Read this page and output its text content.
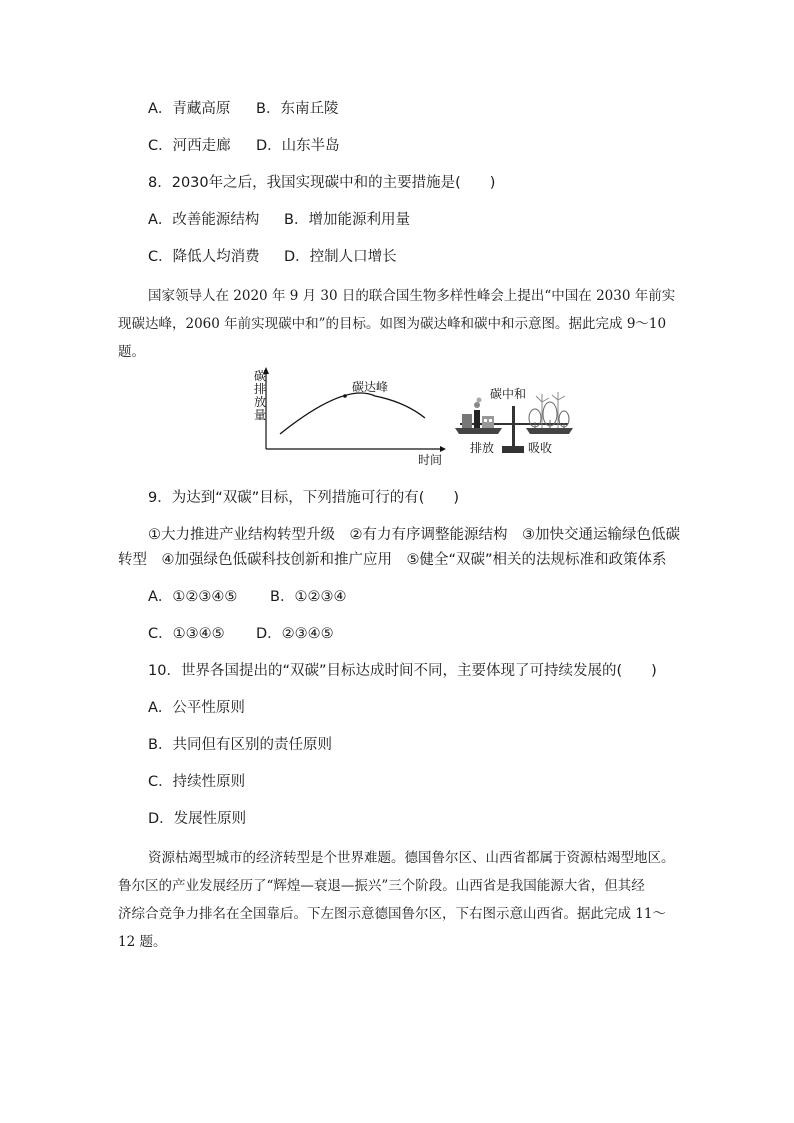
A．青藏高原 B．东南丘陵
C．河西走廊 D．山东半岛
8．2030年之后，我国实现碳中和的主要措施是(　　)
A．改善能源结构 B．增加能源利用量
C．降低人均消费 D．控制人口增长
国家领导人在 2020 年 9 月 30 日的联合国生物多样性峰会上提出“中国在 2030 年前实
现碳达峰，2060 年前实现碳中和”的目标。如图为碳达峰和碳中和示意图。据此完成 9～10
题。
碳
排
放
量
碳达峰
时间
碳中和
排放	吸收
9．为达到“双碳”目标，下列措施可行的有(　　)
①大力推进产业结构转型升级　②有力有序调整能源结构　③加快交通运输绿色低碳
转型　④加强绿色低碳科技创新和推广应用　⑤健全“双碳”相关的法规标准和政策体系
A．①②③④⑤ B．①②③④
C．①③④⑤ D．②③④⑤
10．世界各国提出的“双碳”目标达成时间不同，主要体现了可持续发展的(　　)
A．公平性原则
B．共同但有区别的责任原则
C．持续性原则
D．发展性原则
资源枯竭型城市的经济转型是个世界难题。德国鲁尔区、山西省都属于资源枯竭型地区。
鲁尔区的产业发展经历了“辉煌—衰退—振兴”三个阶段。山西省是我国能源大省，但其经
济综合竞争力排名在全国靠后。下左图示意德国鲁尔区，下右图示意山西省。据此完成 11～
12 题。
